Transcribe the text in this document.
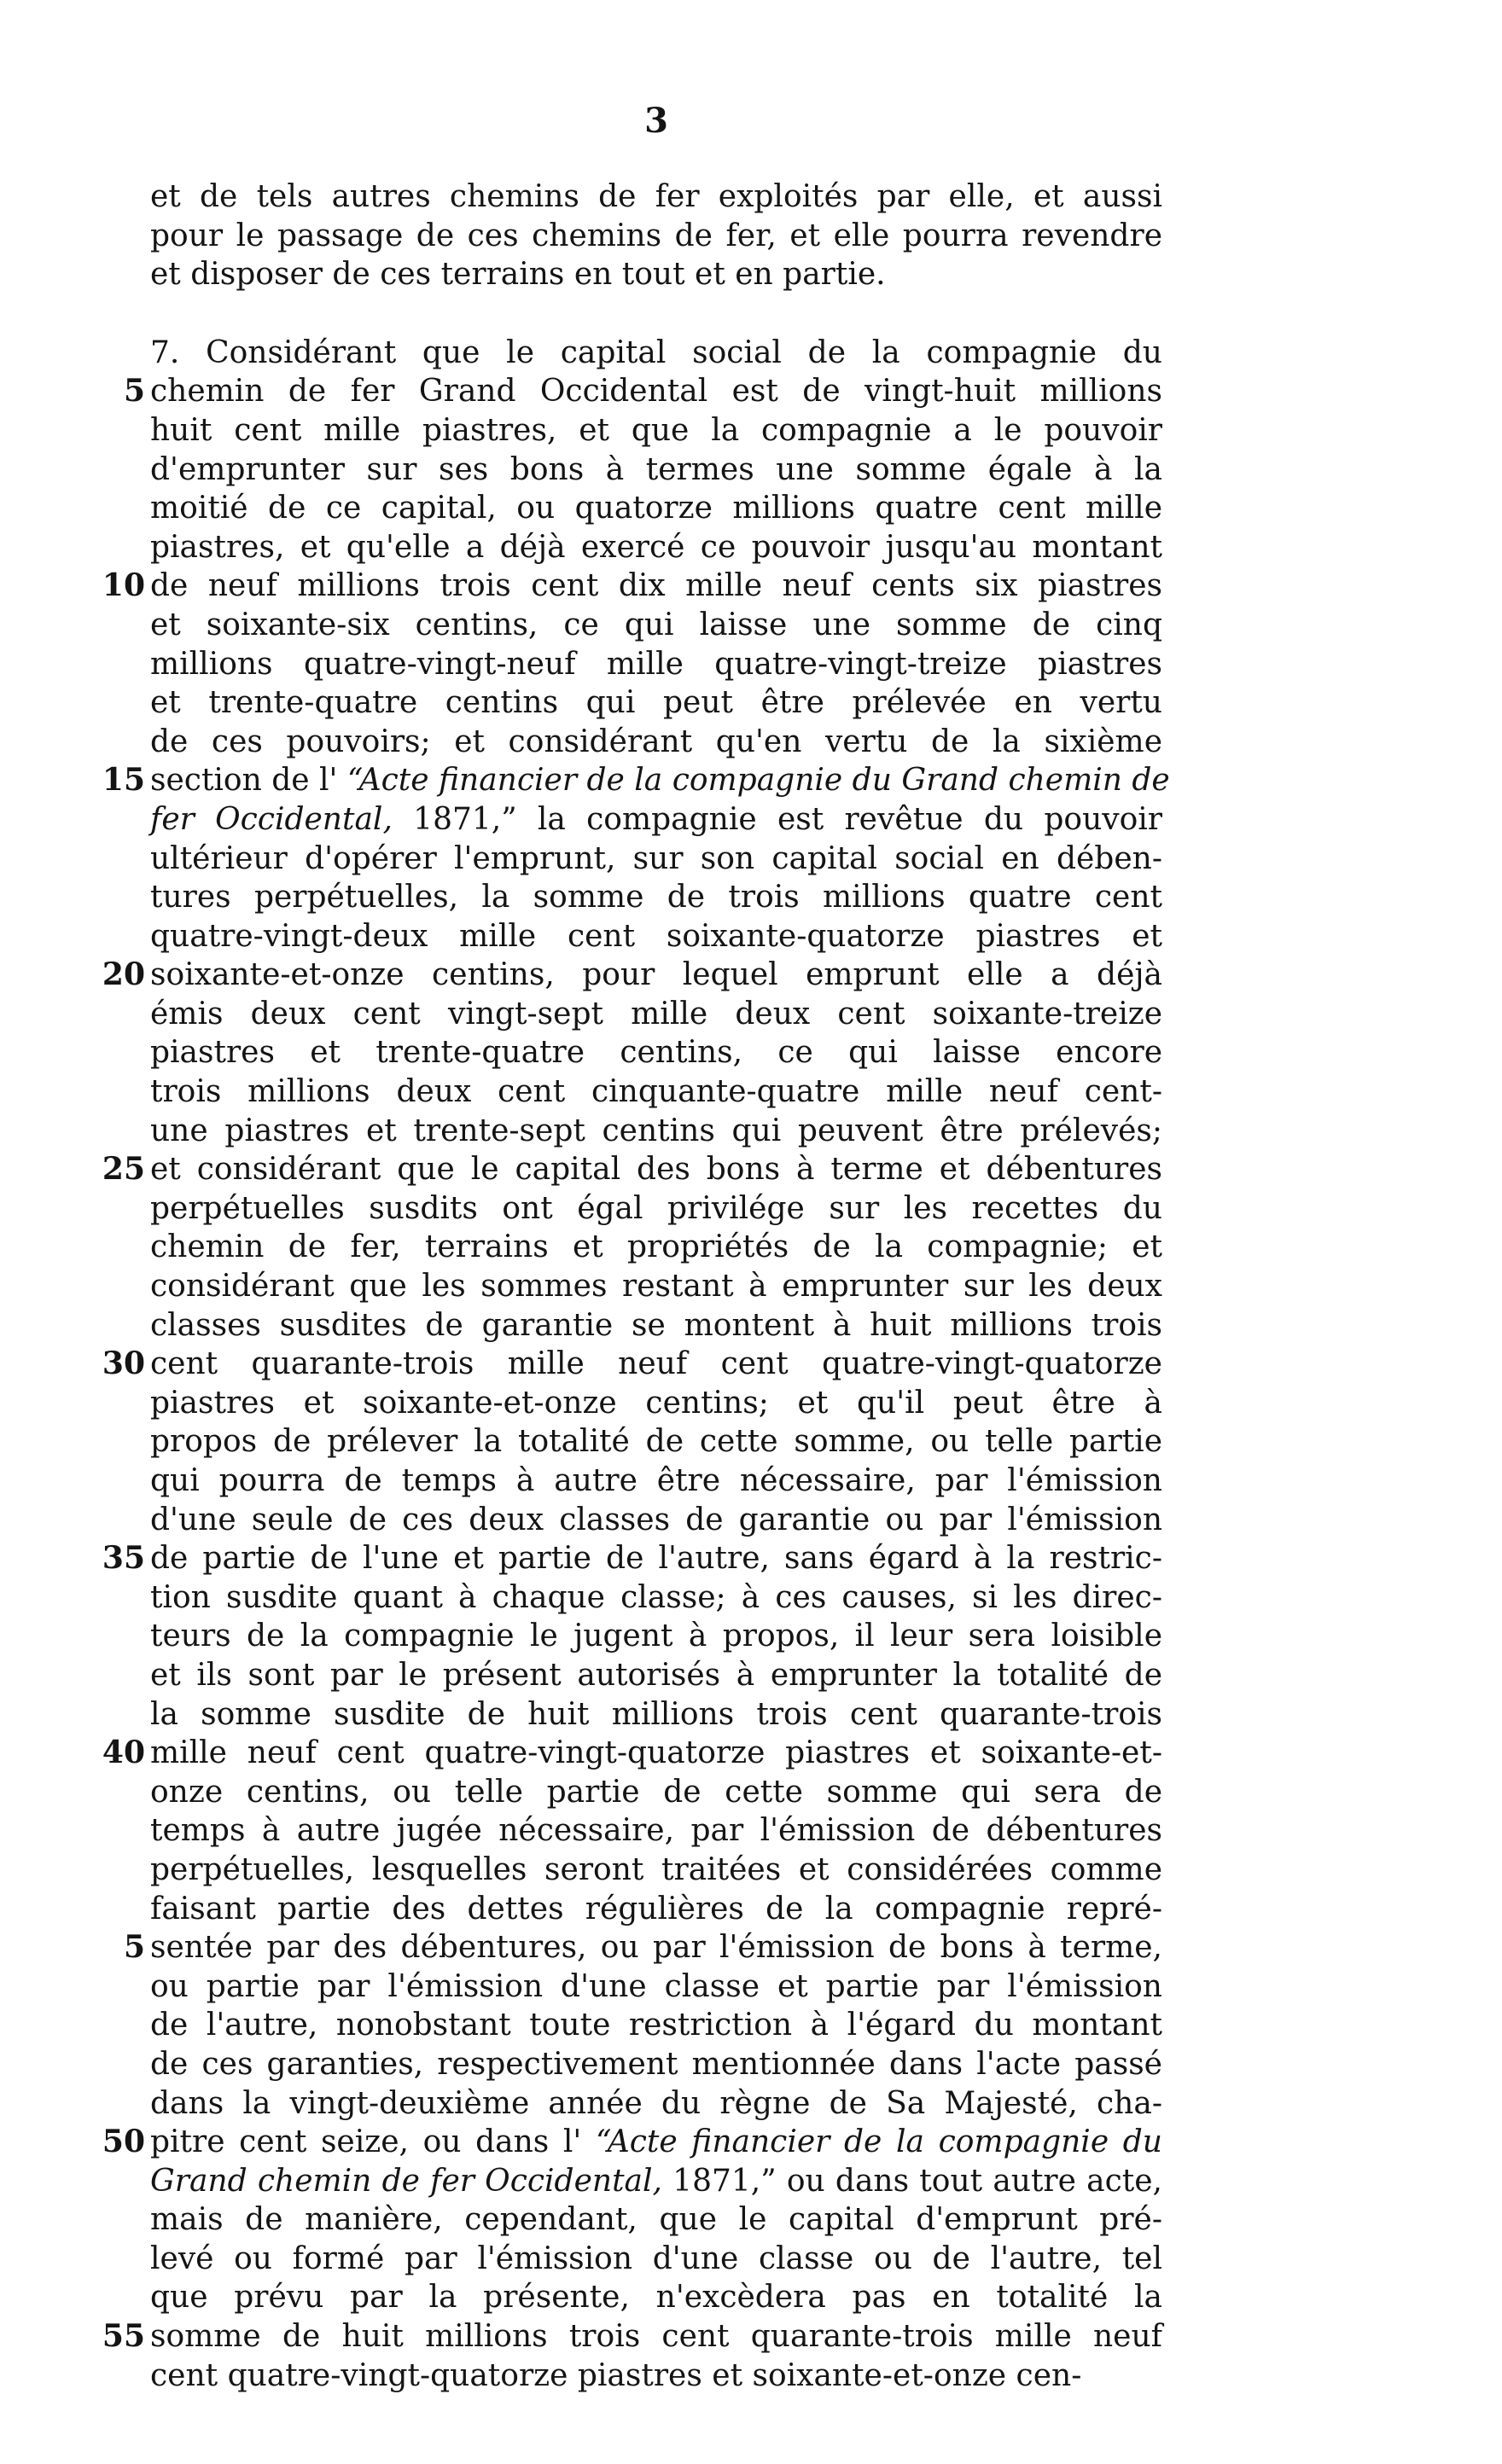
3
et de tels autres chemins de fer exploités par elle, et aussi
pour le passage de ces chemins de fer, et elle pourra revendre
et disposer de ces terrains en tout et en partie.
7. Considérant que le capital social de la compagnie du
5 chemin de fer Grand Occidental est de vingt-huit millions
huit cent mille piastres, et que la compagnie a le pouvoir
d'emprunter sur ses bons à termes une somme égale à la
moitié de ce capital, ou quatorze millions quatre cent mille
piastres, et qu'elle a déjà exercé ce pouvoir jusqu'au montant
10 de neuf millions trois cent dix mille neuf cents six piastres
et soixante-six centins, ce qui laisse une somme de cinq
millions quatre-vingt-neuf mille quatre-vingt-treize piastres
et trente-quatre centins qui peut être prélevée en vertu
de ces pouvoirs; et considérant qu'en vertu de la sixième
15 section de l' “Acte financier de la compagnie du Grand chemin de
fer Occidental, 1871,” la compagnie est revêtue du pouvoir
ultérieur d'opérer l'emprunt, sur son capital social en dében-
tures perpétuelles, la somme de trois millions quatre cent
quatre-vingt-deux mille cent soixante-quatorze piastres et
20 soixante-et-onze centins, pour lequel emprunt elle a déjà
émis deux cent vingt-sept mille deux cent soixante-treize
piastres et trente-quatre centins, ce qui laisse encore
trois millions deux cent cinquante-quatre mille neuf cent-
une piastres et trente-sept centins qui peuvent être prélevés;
25 et considérant que le capital des bons à terme et débentures
perpétuelles susdits ont égal privilége sur les recettes du
chemin de fer, terrains et propriétés de la compagnie; et
considérant que les sommes restant à emprunter sur les deux
classes susdites de garantie se montent à huit millions trois
30 cent quarante-trois mille neuf cent quatre-vingt-quatorze
piastres et soixante-et-onze centins; et qu'il peut être à
propos de prélever la totalité de cette somme, ou telle partie
qui pourra de temps à autre être nécessaire, par l'émission
d'une seule de ces deux classes de garantie ou par l'émission
35 de partie de l'une et partie de l'autre, sans égard à la restric-
tion susdite quant à chaque classe; à ces causes, si les direc-
teurs de la compagnie le jugent à propos, il leur sera loisible
et ils sont par le présent autorisés à emprunter la totalité de
la somme susdite de huit millions trois cent quarante-trois
40 mille neuf cent quatre-vingt-quatorze piastres et soixante-et-
onze centins, ou telle partie de cette somme qui sera de
temps à autre jugée nécessaire, par l'émission de débentures
perpétuelles, lesquelles seront traitées et considérées comme
faisant partie des dettes régulières de la compagnie repré-
5 sentée par des débentures, ou par l'émission de bons à terme,
ou partie par l'émission d'une classe et partie par l'émission
de l'autre, nonobstant toute restriction à l'égard du montant
de ces garanties, respectivement mentionnée dans l'acte passé
dans la vingt-deuxième année du règne de Sa Majesté, cha-
50 pitre cent seize, ou dans l' “Acte financier de la compagnie du
Grand chemin de fer Occidental, 1871,” ou dans tout autre acte,
mais de manière, cependant, que le capital d'emprunt pré-
levé ou formé par l'émission d'une classe ou de l'autre, tel
que prévu par la présente, n'excèdera pas en totalité la
55 somme de huit millions trois cent quarante-trois mille neuf
cent quatre-vingt-quatorze piastres et soixante-et-onze cen-
